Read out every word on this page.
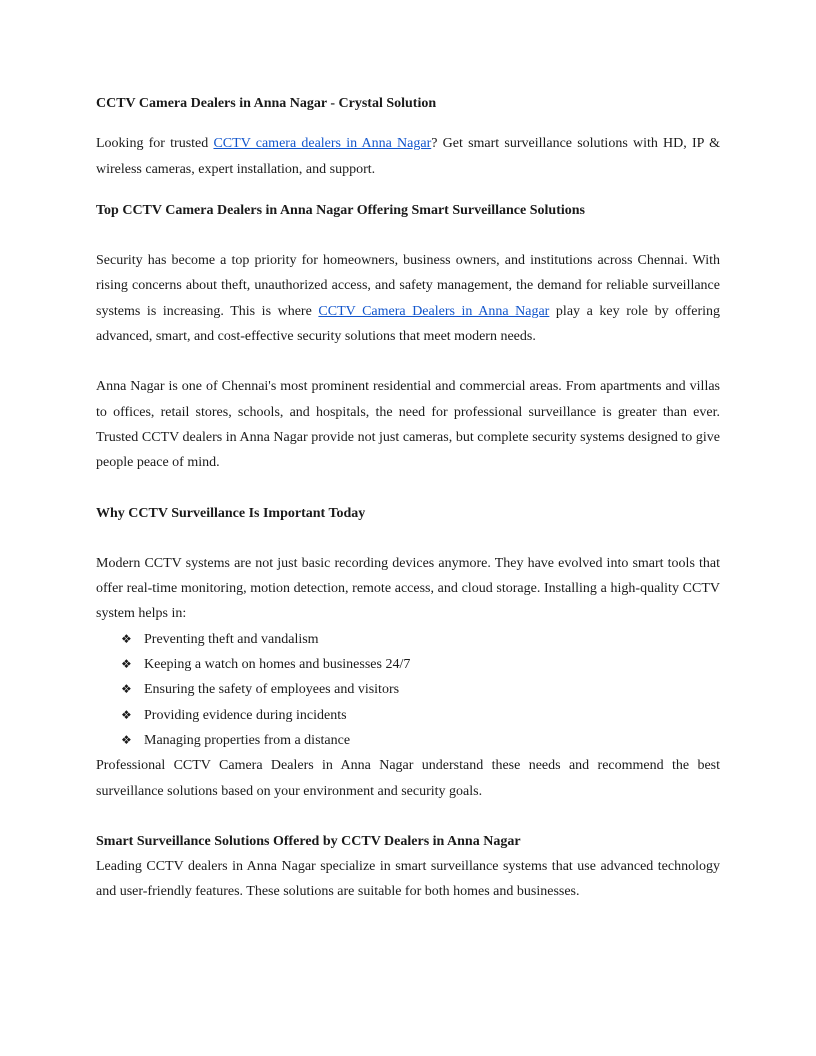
CCTV Camera Dealers in Anna Nagar - Crystal Solution

Looking for trusted CCTV camera dealers in Anna Nagar? Get smart surveillance solutions with HD, IP & wireless cameras, expert installation, and support.

Top CCTV Camera Dealers in Anna Nagar Offering Smart Surveillance Solutions

Security has become a top priority for homeowners, business owners, and institutions across Chennai. With rising concerns about theft, unauthorized access, and safety management, the demand for reliable surveillance systems is increasing. This is where CCTV Camera Dealers in Anna Nagar play a key role by offering advanced, smart, and cost-effective security solutions that meet modern needs.

Anna Nagar is one of Chennai's most prominent residential and commercial areas. From apartments and villas to offices, retail stores, schools, and hospitals, the need for professional surveillance is greater than ever. Trusted CCTV dealers in Anna Nagar provide not just cameras, but complete security systems designed to give people peace of mind.

Why CCTV Surveillance Is Important Today

Modern CCTV systems are not just basic recording devices anymore. They have evolved into smart tools that offer real-time monitoring, motion detection, remote access, and cloud storage. Installing a high-quality CCTV system helps in:

❖ Preventing theft and vandalism
❖ Keeping a watch on homes and businesses 24/7
❖ Ensuring the safety of employees and visitors
❖ Providing evidence during incidents
❖ Managing properties from a distance

Professional CCTV Camera Dealers in Anna Nagar understand these needs and recommend the best surveillance solutions based on your environment and security goals.

Smart Surveillance Solutions Offered by CCTV Dealers in Anna Nagar

Leading CCTV dealers in Anna Nagar specialize in smart surveillance systems that use advanced technology and user-friendly features. These solutions are suitable for both homes and businesses.
